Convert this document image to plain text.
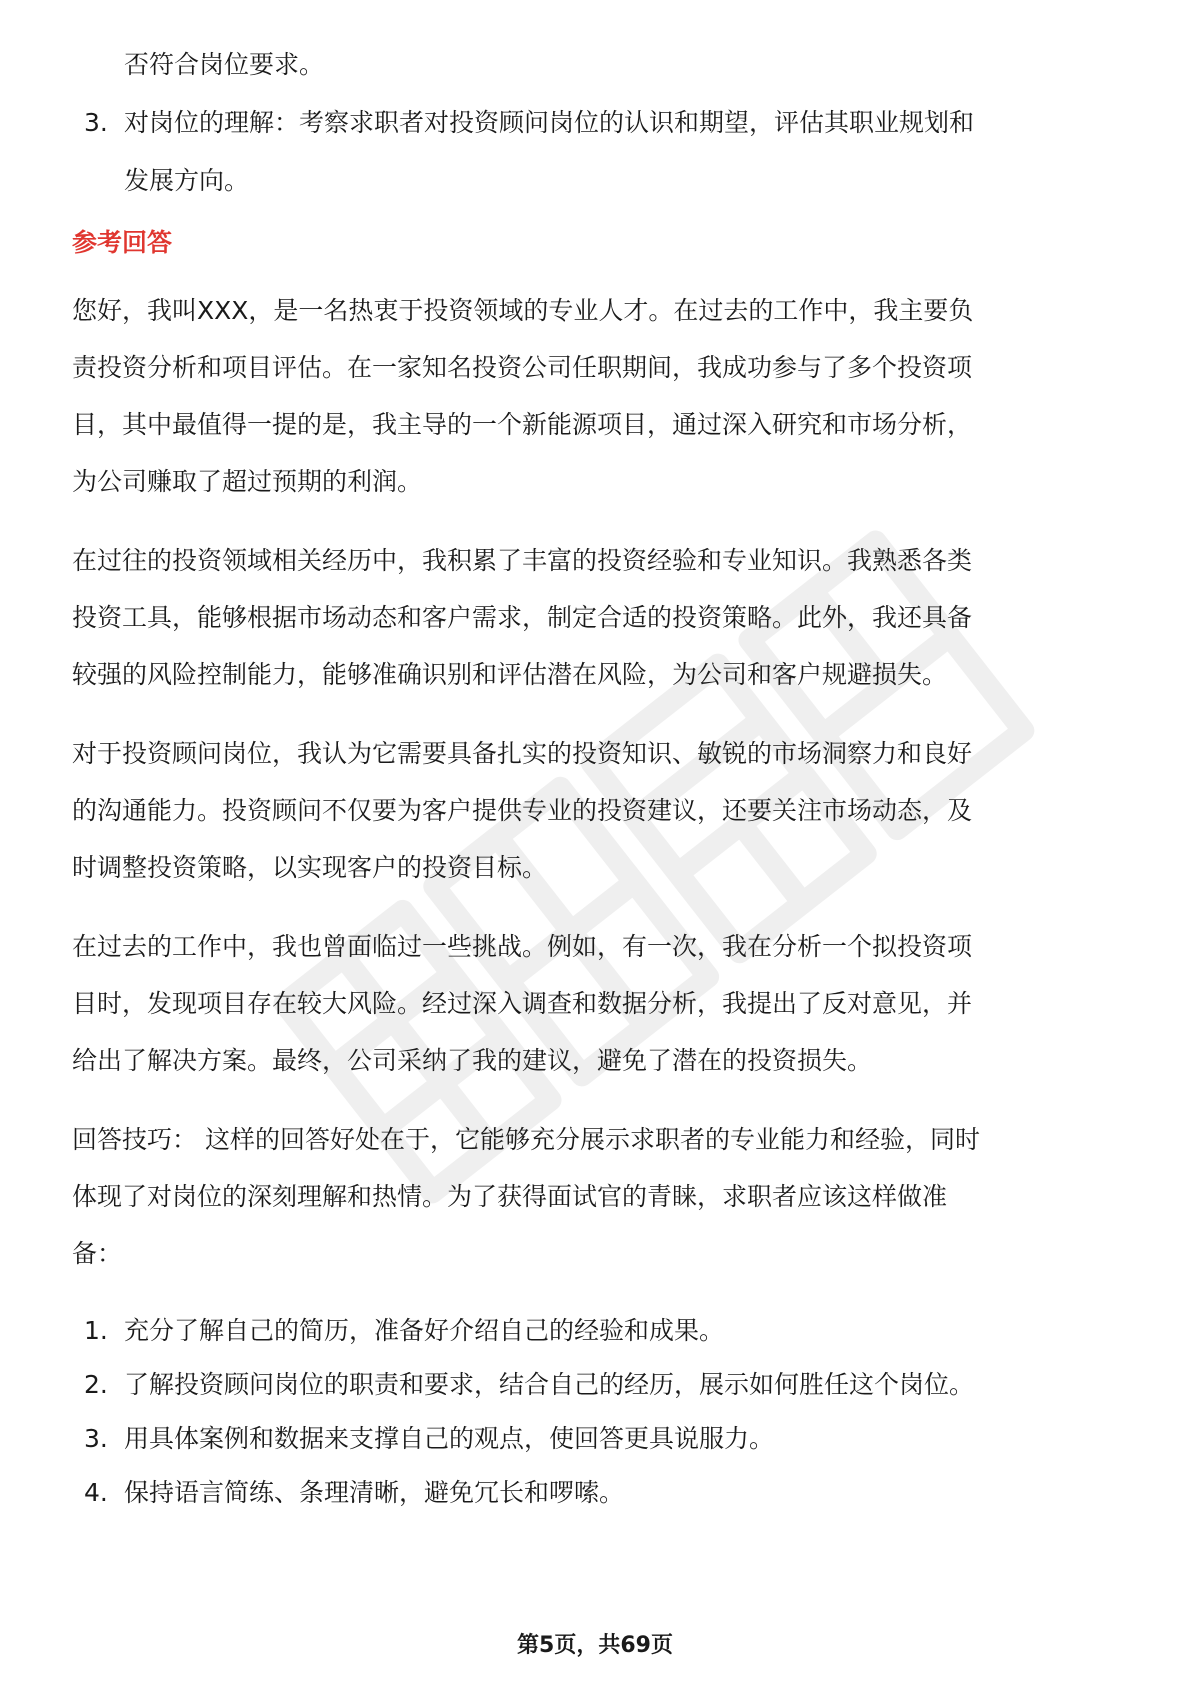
否符合岗位要求。
3. 对岗位的理解：考察求职者对投资顾问岗位的认识和期望，评估其职业规划和
发展方向。
参考回答
您好，我叫XXX，是一名热衷于投资领域的专业人才。在过去的工作中，我主要负
责投资分析和项目评估。在一家知名投资公司任职期间，我成功参与了多个投资项
目，其中最值得一提的是，我主导的一个新能源项目，通过深入研究和市场分析，
为公司赚取了超过预期的利润。
在过往的投资领域相关经历中，我积累了丰富的投资经验和专业知识。我熟悉各类
投资工具，能够根据市场动态和客户需求，制定合适的投资策略。此外，我还具备
较强的风险控制能力，能够准确识别和评估潜在风险，为公司和客户规避损失。
对于投资顾问岗位，我认为它需要具备扎实的投资知识、敏锐的市场洞察力和良好
的沟通能力。投资顾问不仅要为客户提供专业的投资建议，还要关注市场动态，及
时调整投资策略，以实现客户的投资目标。
在过去的工作中，我也曾面临过一些挑战。例如，有一次，我在分析一个拟投资项
目时，发现项目存在较大风险。经过深入调查和数据分析，我提出了反对意见，并
给出了解决方案。最终，公司采纳了我的建议，避免了潜在的投资损失。
回答技巧： 这样的回答好处在于，它能够充分展示求职者的专业能力和经验，同时
体现了对岗位的深刻理解和热情。为了获得面试官的青睐，求职者应该这样做准
备：
1. 充分了解自己的简历，准备好介绍自己的经验和成果。
2. 了解投资顾问岗位的职责和要求，结合自己的经历，展示如何胜任这个岗位。
3. 用具体案例和数据来支撑自己的观点，使回答更具说服力。
4. 保持语言简练、条理清晰，避免冗长和啰嗦。
第5页，共69页
